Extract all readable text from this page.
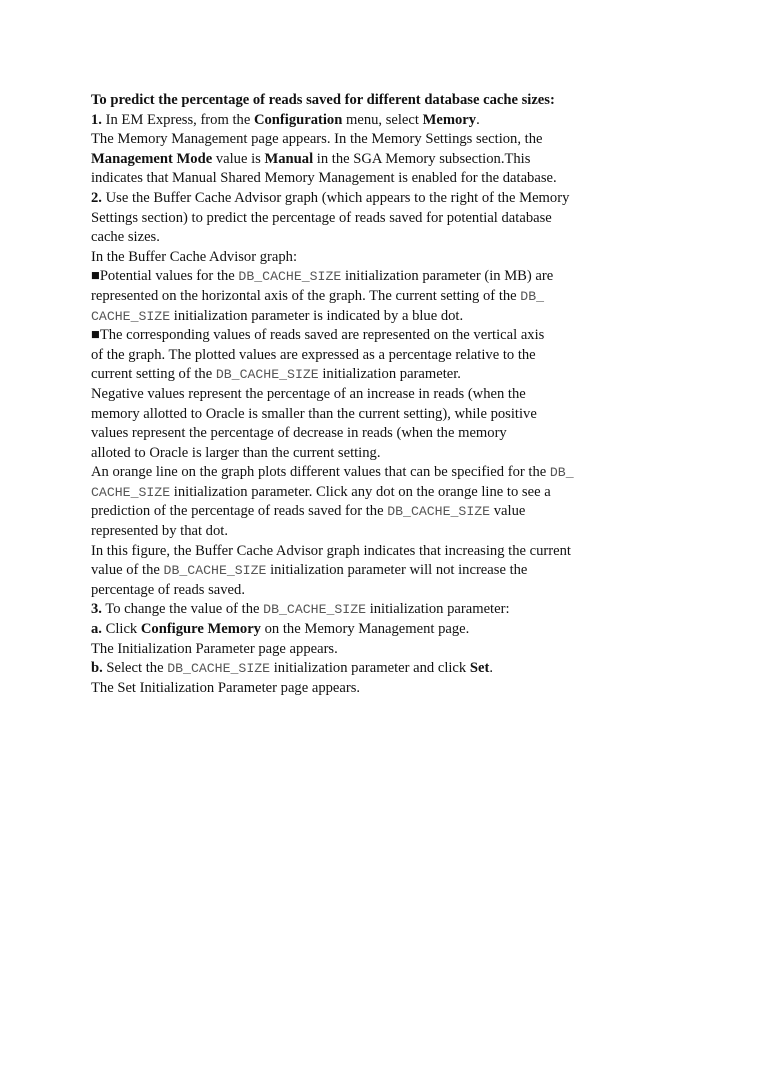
To predict the percentage of reads saved for different database cache sizes:
1. In EM Express, from the Configuration menu, select Memory.
The Memory Management page appears. In the Memory Settings section, the
Management Mode value is Manual in the SGA Memory subsection.This
indicates that Manual Shared Memory Management is enabled for the database.
2. Use the Buffer Cache Advisor graph (which appears to the right of the Memory
Settings section) to predict the percentage of reads saved for potential database
cache sizes.
In the Buffer Cache Advisor graph:
■Potential values for the DB_CACHE_SIZE initialization parameter (in MB) are
represented on the horizontal axis of the graph. The current setting of the DB_
CACHE_SIZE initialization parameter is indicated by a blue dot.
■The corresponding values of reads saved are represented on the vertical axis
of the graph. The plotted values are expressed as a percentage relative to the
current setting of the DB_CACHE_SIZE initialization parameter.
Negative values represent the percentage of an increase in reads (when the
memory allotted to Oracle is smaller than the current setting), while positive
values represent the percentage of decrease in reads (when the memory
alloted to Oracle is larger than the current setting.
An orange line on the graph plots different values that can be specified for the DB_
CACHE_SIZE initialization parameter. Click any dot on the orange line to see a
prediction of the percentage of reads saved for the DB_CACHE_SIZE value
represented by that dot.
In this figure, the Buffer Cache Advisor graph indicates that increasing the current
value of the DB_CACHE_SIZE initialization parameter will not increase the
percentage of reads saved.
3. To change the value of the DB_CACHE_SIZE initialization parameter:
a. Click Configure Memory on the Memory Management page.
The Initialization Parameter page appears.
b. Select the DB_CACHE_SIZE initialization parameter and click Set.
The Set Initialization Parameter page appears.
